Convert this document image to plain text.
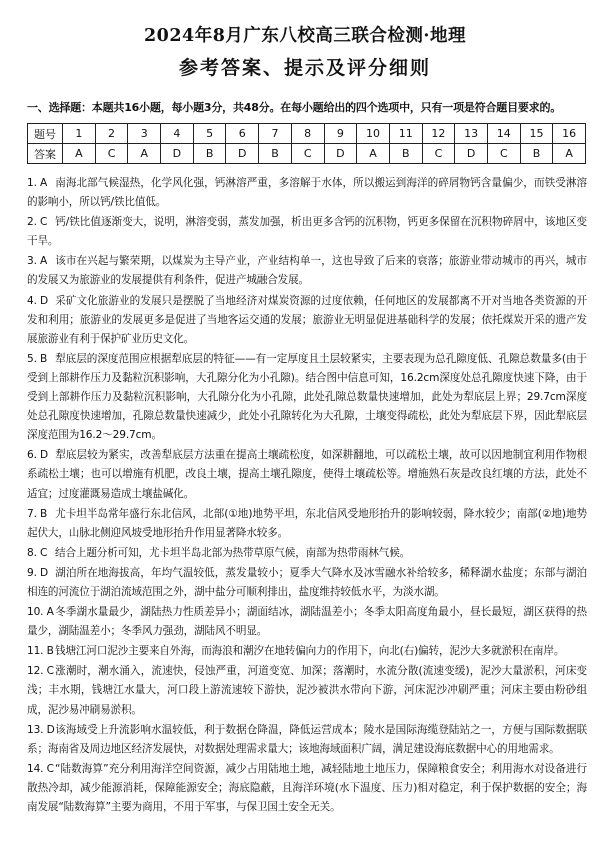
2024年8月广东八校高三联合检测·地理
参考答案、提示及评分细则
一、选择题：本题共16小题，每小题3分，共48分。在每小题给出的四个选项中，只有一项是符合题目要求的。
题号	1	2	3	4	5	6	7	8	9	10	11	12	13	14	15	16
答案	A	C	A	D	B	D	B	C	D	A	B	C	D	C	B	A
1. A 南海北部气候湿热，化学风化强，钙淋溶严重，多溶解于水体，所以搬运到海洋的碎屑物钙含量偏少，而铁受淋溶的影响小，所以钙/铁比值低。
2. C 钙/铁比值逐渐变大，说明，淋溶变弱，蒸发加强，析出更多含钙的沉积物，钙更多保留在沉积物碎屑中，该地区变干旱。
3. A 该市在兴起与繁荣期，以煤炭为主导产业，产业结构单一，这也导致了后来的衰落；旅游业带动城市的再兴，城市的发展又为旅游业的发展提供有利条件，促进产城融合发展。
4. D 采矿文化旅游业的发展只是摆脱了当地经济对煤炭资源的过度依赖，任何地区的发展都离不开对当地各类资源的开发和利用；旅游业的发展更多是促进了当地客运交通的发展；旅游业无明显促进基础科学的发展；依托煤炭开采的遗产发展旅游业有利于保护矿业历史文化。
5. B 犁底层的深度范围应根据犁底层的特征——有一定厚度且土层较紧实，主要表现为总孔隙度低、孔隙总数量多(由于受到上部耕作压力及黏粒沉积影响，大孔隙分化为小孔隙)。结合图中信息可知，16.2cm深度处总孔隙度快速下降，由于受到上部耕作压力及黏粒沉积影响，大孔隙分化为小孔隙，此处孔隙总数量快速增加，此处为犁底层上界；29.7cm深度处总孔隙度快速增加，孔隙总数量快速减少，此处小孔隙转化为大孔隙，土壤变得疏松，此处为犁底层下界，因此犁底层深度范围为16.2～29.7cm。
6. D 犁底层较为紧实，改善犁底层方法重在提高土壤疏松度，如深耕翻地，可以疏松土壤，故可以因地制宜利用作物根系疏松土壤；也可以增施有机肥，改良土壤，提高土壤孔隙度，使得土壤疏松等。增施熟石灰是改良红壤的方法，此处不适宜；过度灌溉易造成土壤盐碱化。
7. B 尤卡坦半岛常年盛行东北信风，北部(①地)地势平坦，东北信风受地形抬升的影响较弱，降水较少；南部(②地)地势起伏大，山脉北侧迎风坡受地形抬升作用显著降水较多。
8. C 结合上题分析可知，尤卡坦半岛北部为热带草原气候，南部为热带雨林气候。
9. D 湖泊所在地海拔高，年均气温较低，蒸发量较小；夏季大气降水及冰雪融水补给较多，稀释湖水盐度；东部与湖泊相连的河流位于湖泊流域范围之外，湖中盐分可顺利排出，盐度维持较低水平，为淡水湖。
10. A冬季湖水量最少，湖陆热力性质差异小；湖面结冰，湖陆温差小；冬季太阳高度角最小，昼长最短，湖区获得的热量少，湖陆温差小；冬季风力强劲，湖陆风不明显。
11. B钱塘江河口泥沙主要来自外海，而海浪和潮汐在地转偏向力的作用下，向北(右)偏转，泥沙大多就淤积在南岸。
12. C涨潮时，潮水涌入，流速快，侵蚀严重，河道变宽、加深；落潮时，水流分散(流速变缓)，泥沙大量淤积，河床变浅；丰水期，钱塘江水量大，河口段上游流速较下游快，泥沙被洪水带向下游，河床泥沙冲刷严重；河床主要由粉砂组成，泥沙易冲刷易淤积。
13. D该海域受上升流影响水温较低，利于数据仓降温，降低运营成本；陵水是国际海缆登陆站之一，方便与国际数据联系；海南省及周边地区经济发展快，对数据处理需求量大；该地海域面积广阔，满足建设海底数据中心的用地需求。
14. C“陆数海算”充分利用海洋空间资源，减少占用陆地土地，减轻陆地土地压力，保障粮食安全；利用海水对设备进行散热冷却，减少能源消耗，保障能源安全；海底隐蔽，且海洋环境(水下温度、压力)相对稳定，利于保护数据的安全；海南发展“陆数海算”主要为商用，不用于军事，与保卫国土安全无关。
